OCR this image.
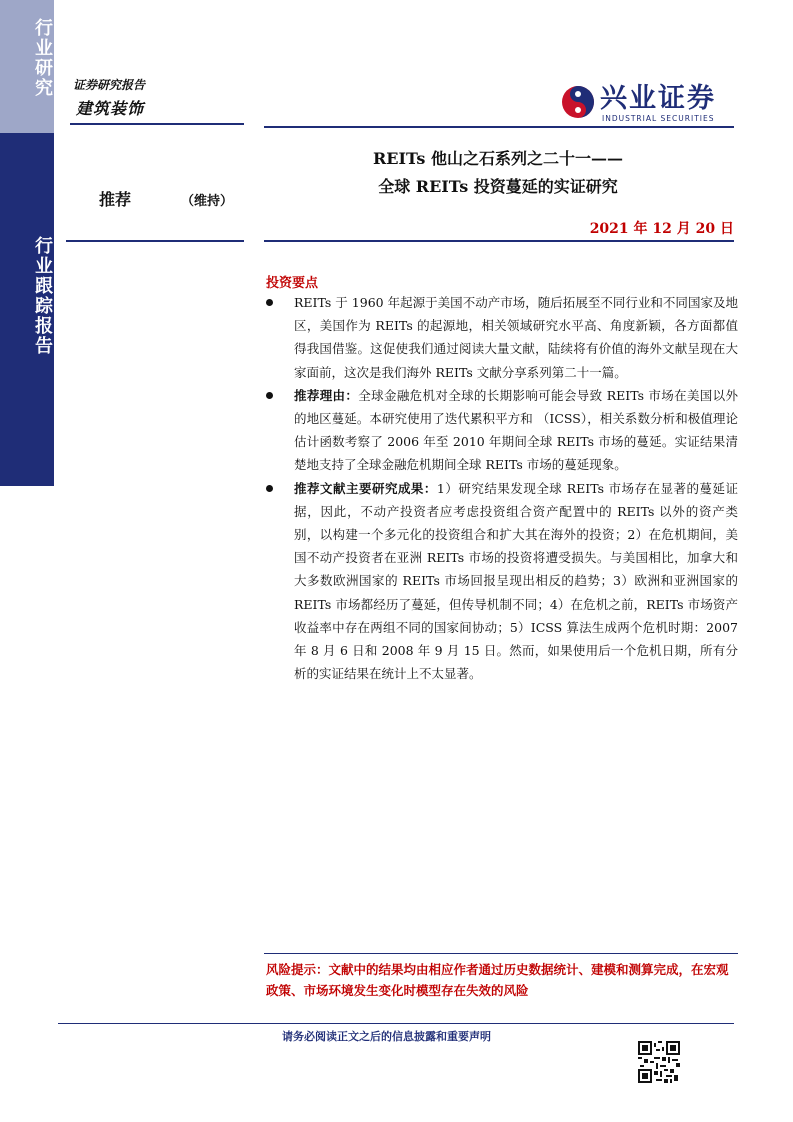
行业研究
行业跟踪报告
证券研究报告
建筑装饰	兴业证券
INDUSTRIAL SECURITIES
REITs 他山之石系列之二十一——
全球 REITs 投资蔓延的实证研究
推荐	（维持）
2021 年 12 月 20 日
投资要点

REITs 于 1960 年起源于美国不动产市场，随后拓展至不同行业和不同国家及地区，美国作为 REITs 的起源地，相关领域研究水平高、角度新颖，各方面都值得我国借鉴。这促使我们通过阅读大量文献，陆续将有价值的海外文献呈现在大家面前，这次是我们海外 REITs 文献分享系列第二十一篇。

推荐理由：全球金融危机对全球的长期影响可能会导致 REITs 市场在美国以外的地区蔓延。本研究使用了迭代累积平方和 （ICSS），相关系数分析和极值理论估计函数考察了 2006 年至 2010 年期间全球 REITs 市场的蔓延。实证结果清楚地支持了全球金融危机期间全球 REITs 市场的蔓延现象。

推荐文献主要研究成果：1）研究结果发现全球 REITs 市场存在显著的蔓延证据，因此，不动产投资者应考虑投资组合资产配置中的 REITs 以外的资产类别，以构建一个多元化的投资组合和扩大其在海外的投资；2）在危机期间，美国不动产投资者在亚洲 REITs 市场的投资将遭受损失。与美国相比，加拿大和大多数欧洲国家的 REITs 市场回报呈现出相反的趋势；3）欧洲和亚洲国家的 REITs 市场都经历了蔓延，但传导机制不同；4）在危机之前，REITs 市场资产收益率中存在两组不同的国家间协动；5）ICSS 算法生成两个危机时期：2007 年 8 月 6 日和 2008 年 9 月 15 日。然而，如果使用后一个危机日期，所有分析的实证结果在统计上不太显著。

风险提示：文献中的结果均由相应作者通过历史数据统计、建模和测算完成，在宏观政策、市场环境发生变化时模型存在失效的风险
请务必阅读正文之后的信息披露和重要声明
